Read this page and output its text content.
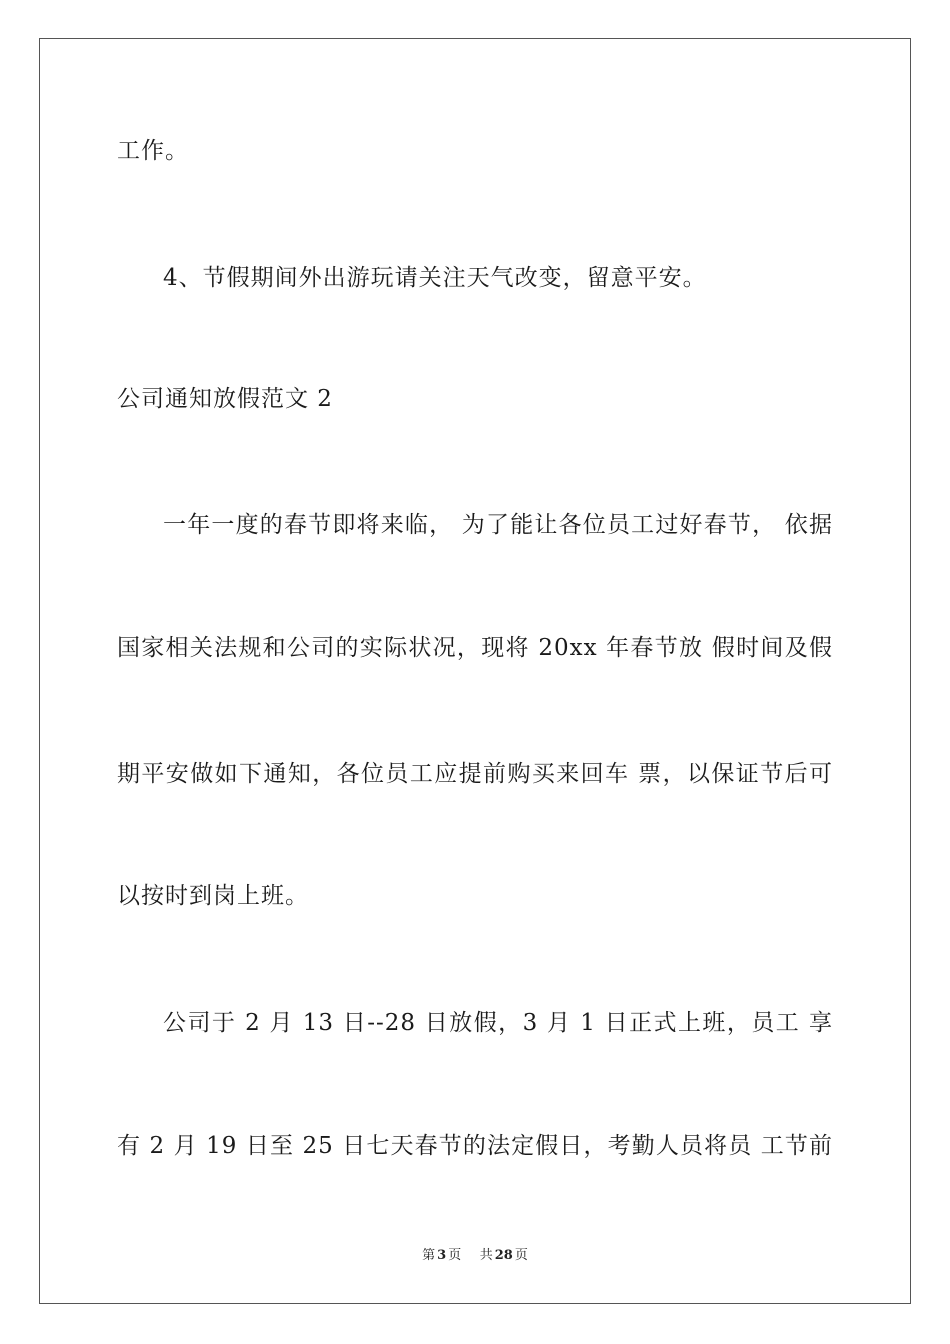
工作。
4、节假期间外出游玩请关注天气改变，留意平安。
公司通知放假范文 2
一年一度的春节即将来临， 为了能让各位员工过好春节， 依据
国家相关法规和公司的实际状况，现将 20xx 年春节放 假时间及假
期平安做如下通知，各位员工应提前购买来回车 票，以保证节后可
以按时到岗上班。
公司于 2 月 13 日--28 日放假，3 月 1 日正式上班，员工 享
有 2 月 19 日至 25 日七天春节的法定假日，考勤人员将员 工节前
第 3 页 共 28 页
